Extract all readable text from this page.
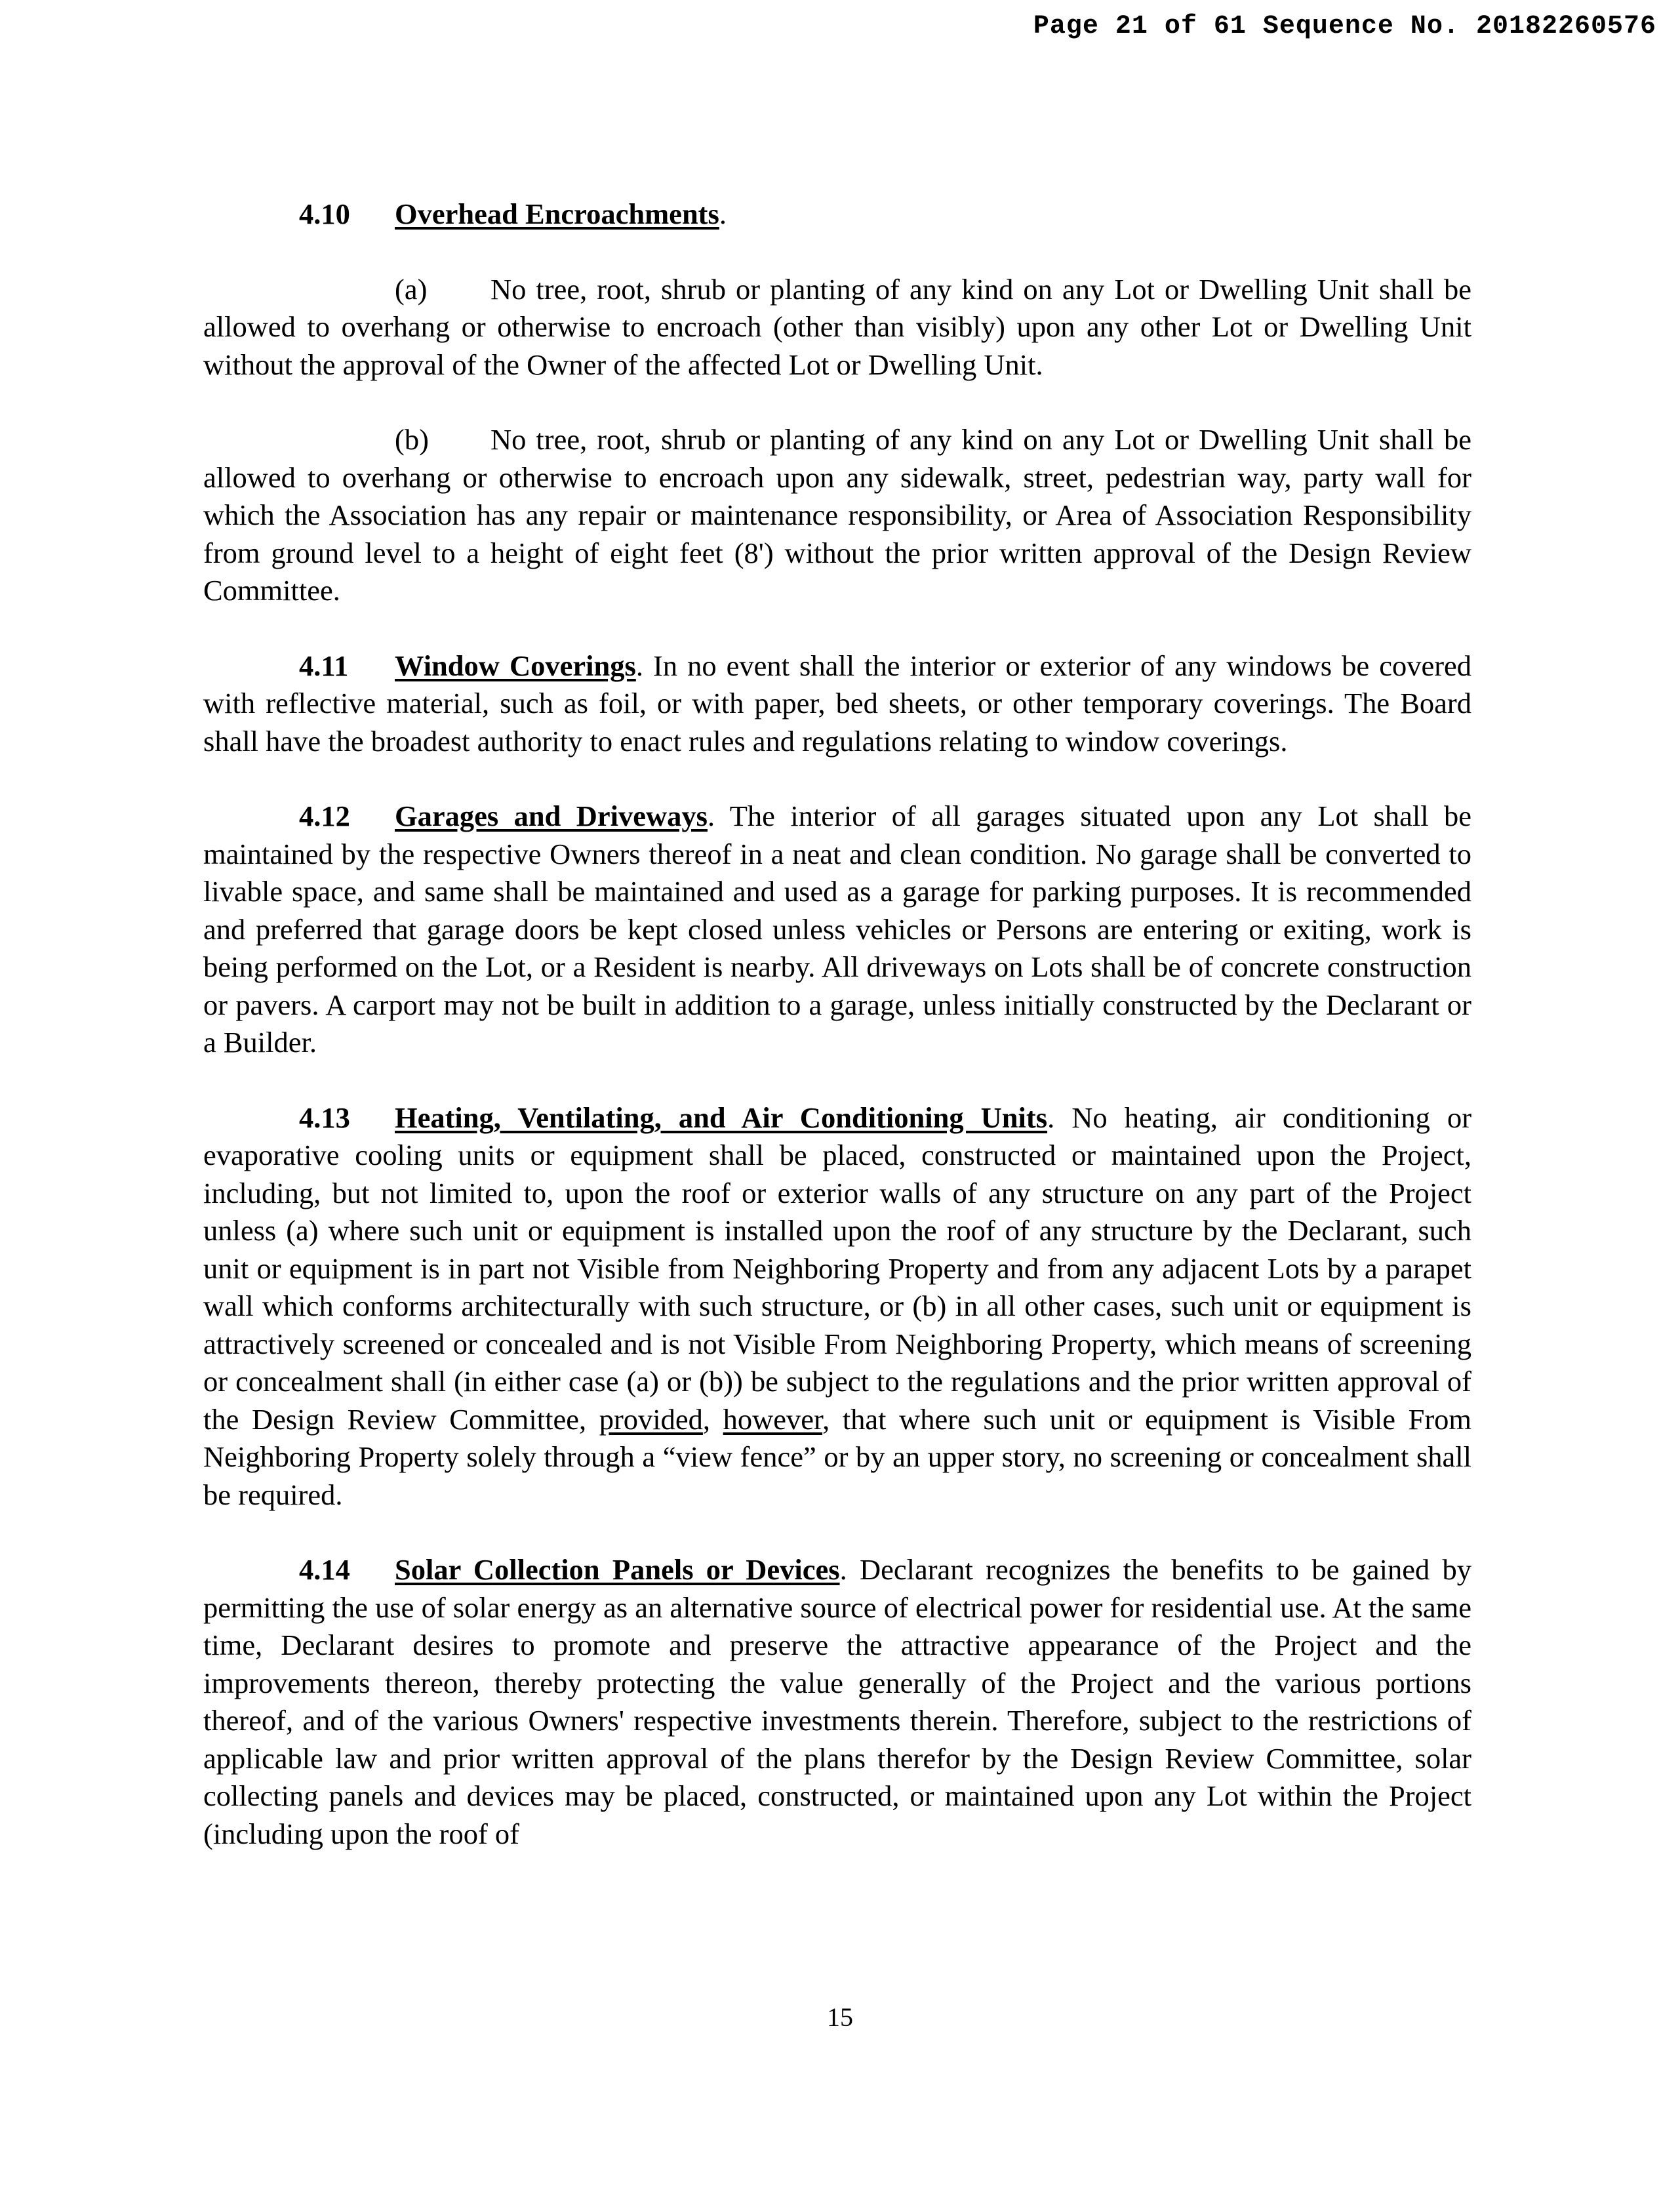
Page 21 of 61 Sequence No. 20182260576
4.10 Overhead Encroachments.

(a) No tree, root, shrub or planting of any kind on any Lot or Dwelling Unit shall be allowed to overhang or otherwise to encroach (other than visibly) upon any other Lot or Dwelling Unit without the approval of the Owner of the affected Lot or Dwelling Unit.

(b) No tree, root, shrub or planting of any kind on any Lot or Dwelling Unit shall be allowed to overhang or otherwise to encroach upon any sidewalk, street, pedestrian way, party wall for which the Association has any repair or maintenance responsibility, or Area of Association Responsibility from ground level to a height of eight feet (8') without the prior written approval of the Design Review Committee.

4.11 Window Coverings. In no event shall the interior or exterior of any windows be covered with reflective material, such as foil, or with paper, bed sheets, or other temporary coverings. The Board shall have the broadest authority to enact rules and regulations relating to window coverings.

4.12 Garages and Driveways. The interior of all garages situated upon any Lot shall be maintained by the respective Owners thereof in a neat and clean condition. No garage shall be converted to livable space, and same shall be maintained and used as a garage for parking purposes. It is recommended and preferred that garage doors be kept closed unless vehicles or Persons are entering or exiting, work is being performed on the Lot, or a Resident is nearby. All driveways on Lots shall be of concrete construction or pavers. A carport may not be built in addition to a garage, unless initially constructed by the Declarant or a Builder.

4.13 Heating, Ventilating, and Air Conditioning Units. No heating, air conditioning or evaporative cooling units or equipment shall be placed, constructed or maintained upon the Project, including, but not limited to, upon the roof or exterior walls of any structure on any part of the Project unless (a) where such unit or equipment is installed upon the roof of any structure by the Declarant, such unit or equipment is in part not Visible from Neighboring Property and from any adjacent Lots by a parapet wall which conforms architecturally with such structure, or (b) in all other cases, such unit or equipment is attractively screened or concealed and is not Visible From Neighboring Property, which means of screening or concealment shall (in either case (a) or (b)) be subject to the regulations and the prior written approval of the Design Review Committee, provided, however, that where such unit or equipment is Visible From Neighboring Property solely through a “view fence” or by an upper story, no screening or concealment shall be required.

4.14 Solar Collection Panels or Devices. Declarant recognizes the benefits to be gained by permitting the use of solar energy as an alternative source of electrical power for residential use. At the same time, Declarant desires to promote and preserve the attractive appearance of the Project and the improvements thereon, thereby protecting the value generally of the Project and the various portions thereof, and of the various Owners' respective investments therein. Therefore, subject to the restrictions of applicable law and prior written approval of the plans therefor by the Design Review Committee, solar collecting panels and devices may be placed, constructed, or maintained upon any Lot within the Project (including upon the roof of

15
